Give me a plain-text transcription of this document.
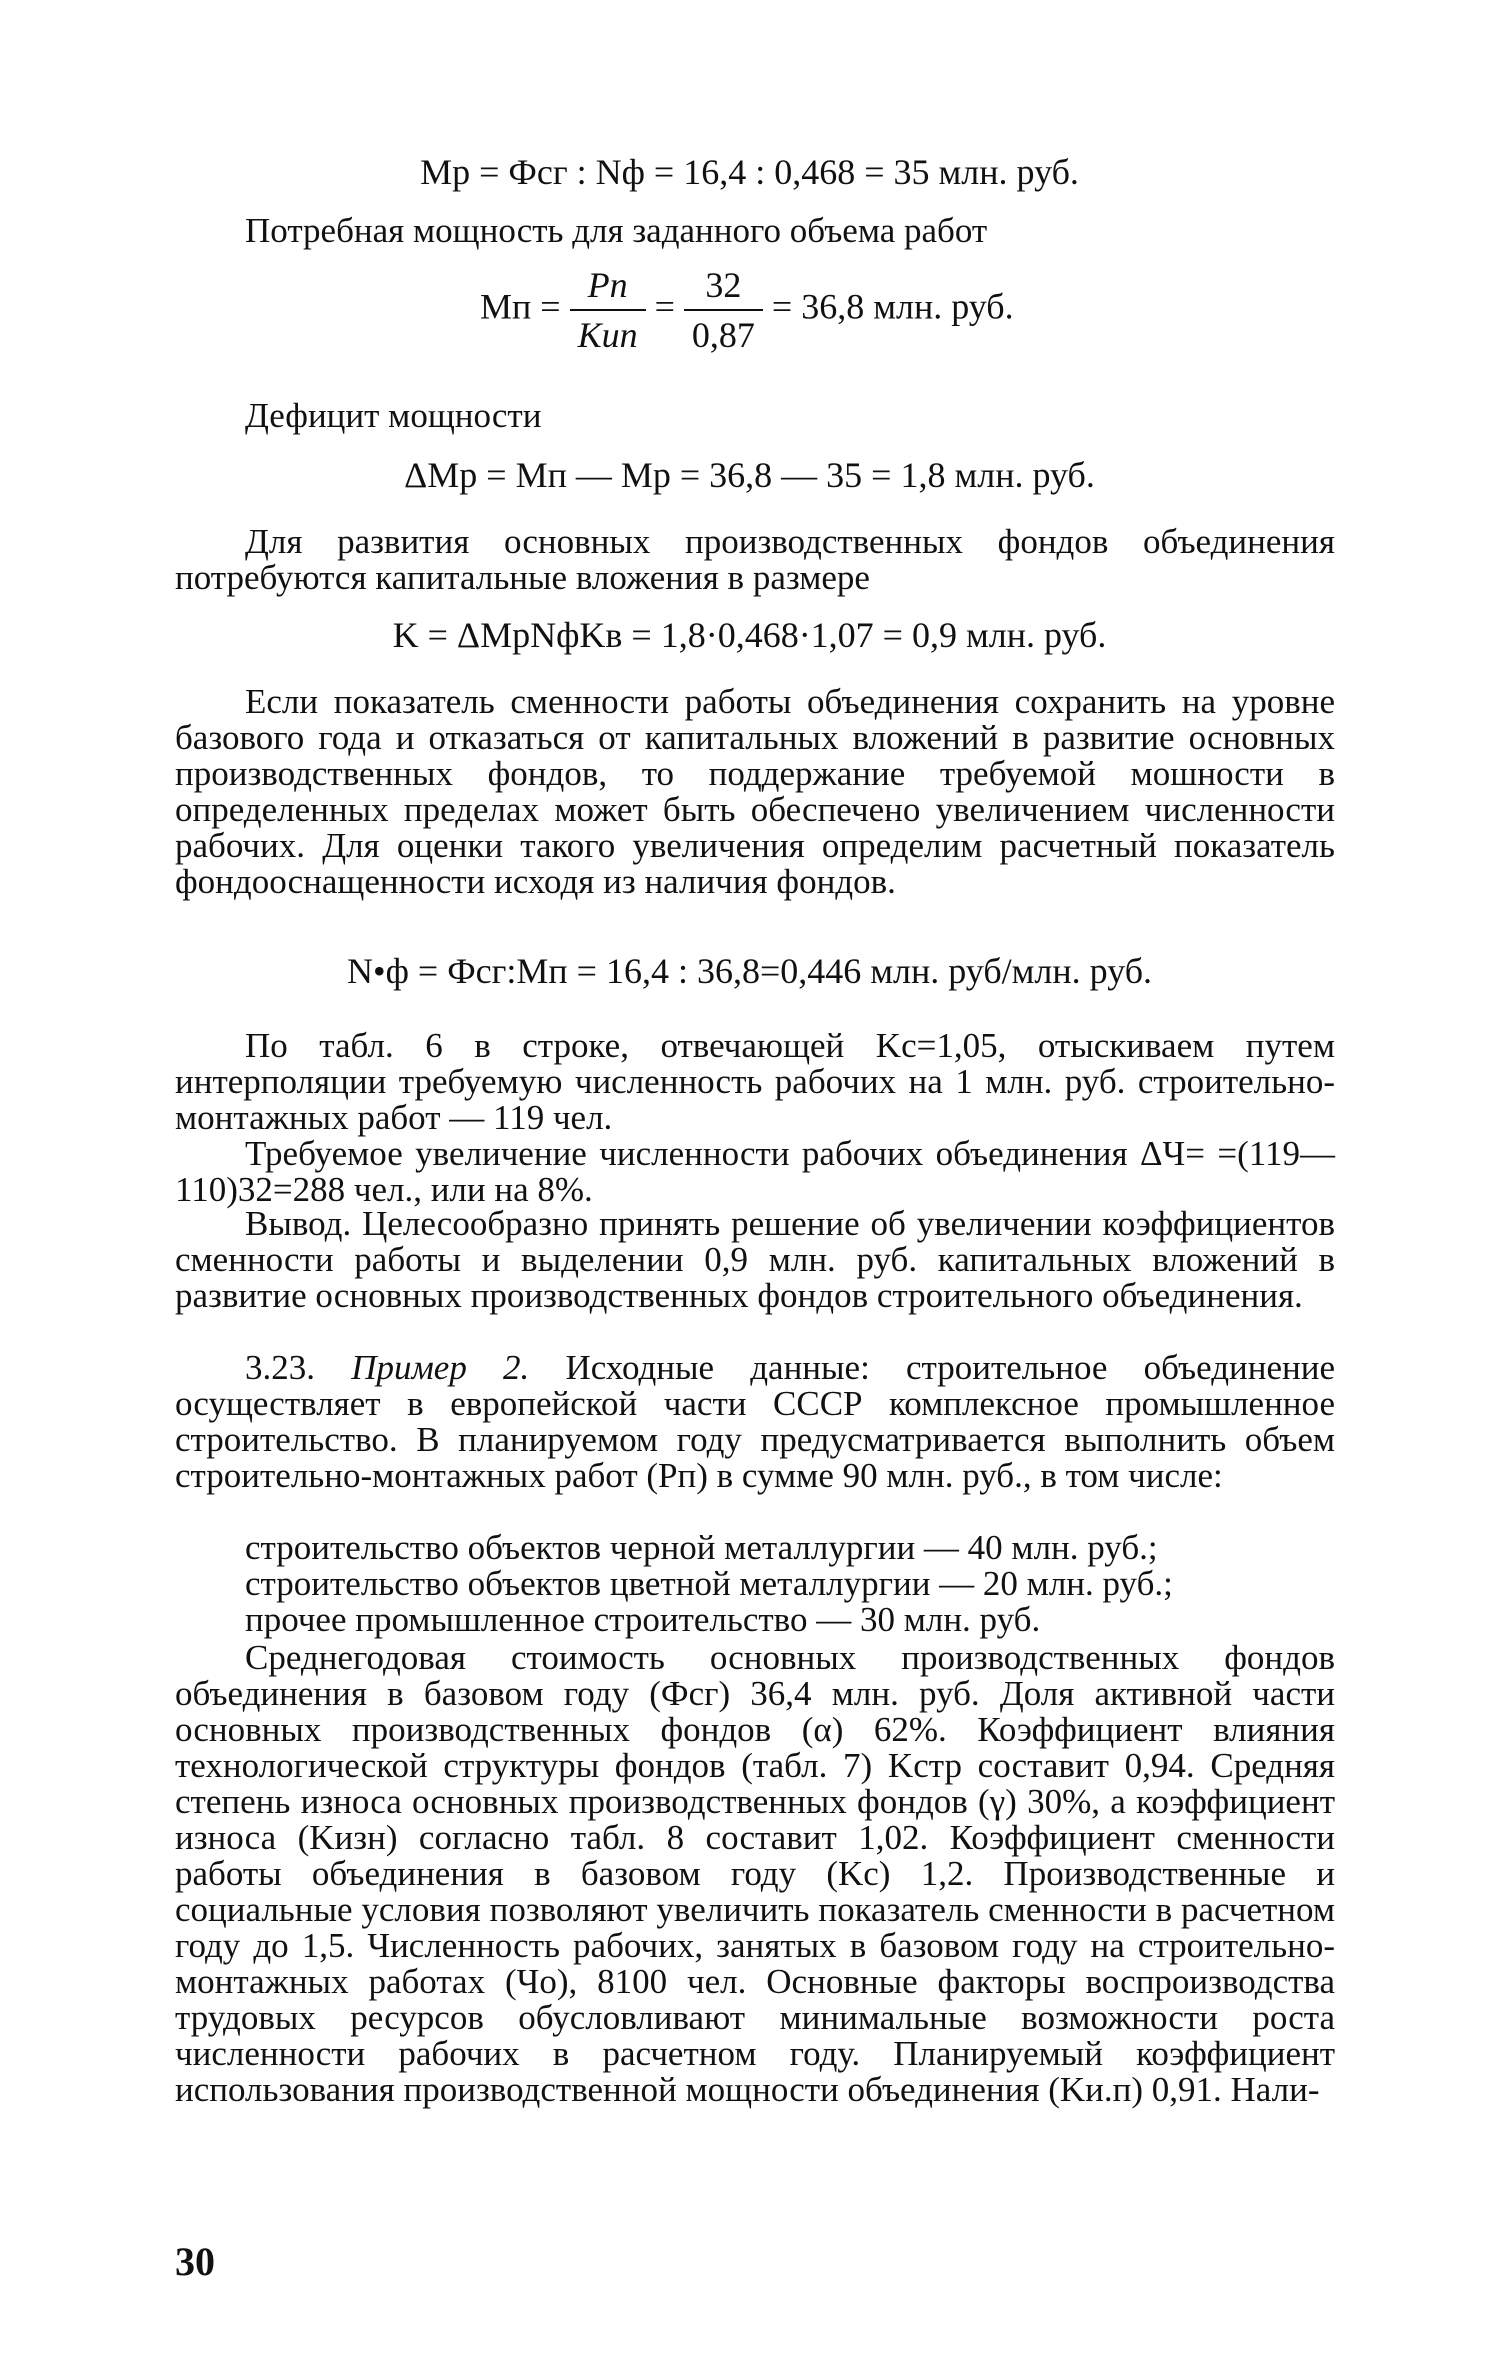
Мр = Фсг : Nф = 16,4 : 0,468 = 35 млн. руб.
Потребная мощность для заданного объема работ
Мп = $\frac{Pп}{\text{Kип}} = \frac{32}{0,87} = 36,8$ млн. руб.
Дефицит мощности
ΔМр = Мп — Мр = 36,8 — 35 = 1,8 млн. руб.
Для развития основных производственных фондов объединения потребуются капитальные вложения в размере
K = ΔМрNфKв = 1,8·0,468·1,07 = 0,9 млн. руб.
Если показатель сменности работы объединения сохранить на уровне базового года и отказаться от капитальных вложений в развитие основных производственных фондов, то поддержание требуемой мошности в определенных пределах может быть обеспечено увеличением численности рабочих. Для оценки такого увеличения определим расчетный показатель фондооснащенности исходя из наличия фондов.
N•ф = Фсг:Мп = 16,4 : 36,8=0,446 млн. руб/млн. руб.
По табл. 6 в строке, отвечающей Kс=1,05, отыскиваем путем интерполяции требуемую численность рабочих на 1 млн. руб. строительно-монтажных работ — 119 чел.
Требуемое увеличение численности рабочих объединения ΔЧ= =(119—110)32=288 чел., или на 8%.
Вывод. Целесообразно принять решение об увеличении коэффициентов сменности работы и выделении 0,9 млн. руб. капитальных вложений в развитие основных производственных фондов строительного объединения.
3.23. Пример 2. Исходные данные: строительное объединение осуществляет в европейской части СССР комплексное промышленное строительство. В планируемом году предусматривается выполнить объем строительно-монтажных работ (Pп) в сумме 90 млн. руб., в том числе:
строительство объектов черной металлургии — 40 млн. руб.;
строительство объектов цветной металлургии — 20 млн. руб.;
прочее промышленное строительство — 30 млн. руб.
Среднегодовая стоимость основных производственных фондов объединения в базовом году (Фсг) 36,4 млн. руб. Доля активной части основных производственных фондов (α) 62%. Коэффициент влияния технологической структуры фондов (табл. 7) Kстр составит 0,94. Средняя степень износа основных производственных фондов (γ) 30%, а коэффициент износа (Kизн) согласно табл. 8 составит 1,02. Коэффициент сменности работы объединения в базовом году (Kс) 1,2. Производственные и социальные условия позволяют увеличить показатель сменности в расчетном году до 1,5. Численность рабочих, занятых в базовом году на строительно-монтажных работах (Чо), 8100 чел. Основные факторы воспроизводства трудовых ресурсов обусловливают минимальные возможности роста численности рабочих в расчетном году. Планируемый коэффициент использования производственной мощности объединения (Kи.п) 0,91. Нали-
30
